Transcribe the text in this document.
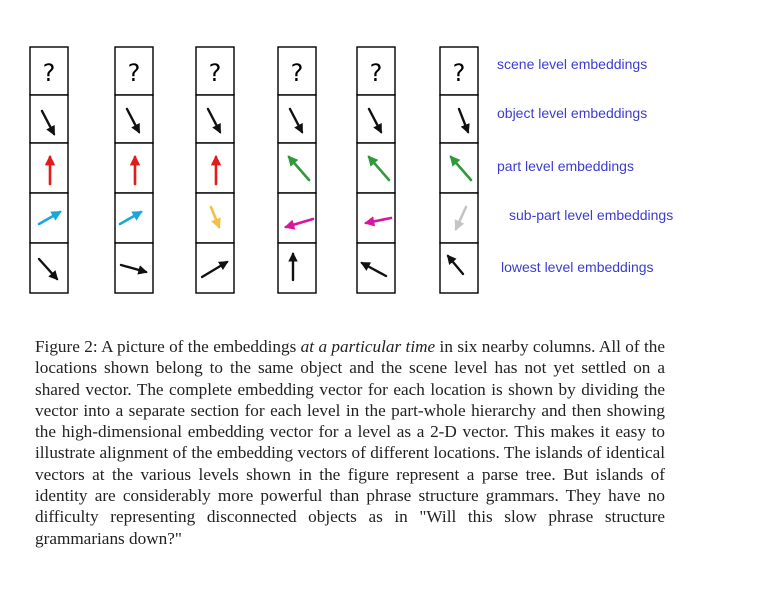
?	?	?	?	?	? scene level embeddings
object level embeddings
part level embeddings
sub-part level embeddings
lowest level embeddings

Figure 2: A picture of the embeddings at a particular time in six nearby columns. All of the locations shown belong to the same object and the scene level has not yet settled on a shared vector. The complete embedding vector for each location is shown by dividing the vector into a separate section for each level in the part-whole hierarchy and then showing the high-dimensional embedding vector for a level as a 2-D vector. This makes it easy to illustrate alignment of the embedding vectors of different locations. The islands of identical vectors at the various levels shown in the figure represent a parse tree. But islands of identity are considerably more powerful than phrase structure grammars. They have no difficulty representing disconnected objects as in "Will this slow phrase structure grammarians down?"
